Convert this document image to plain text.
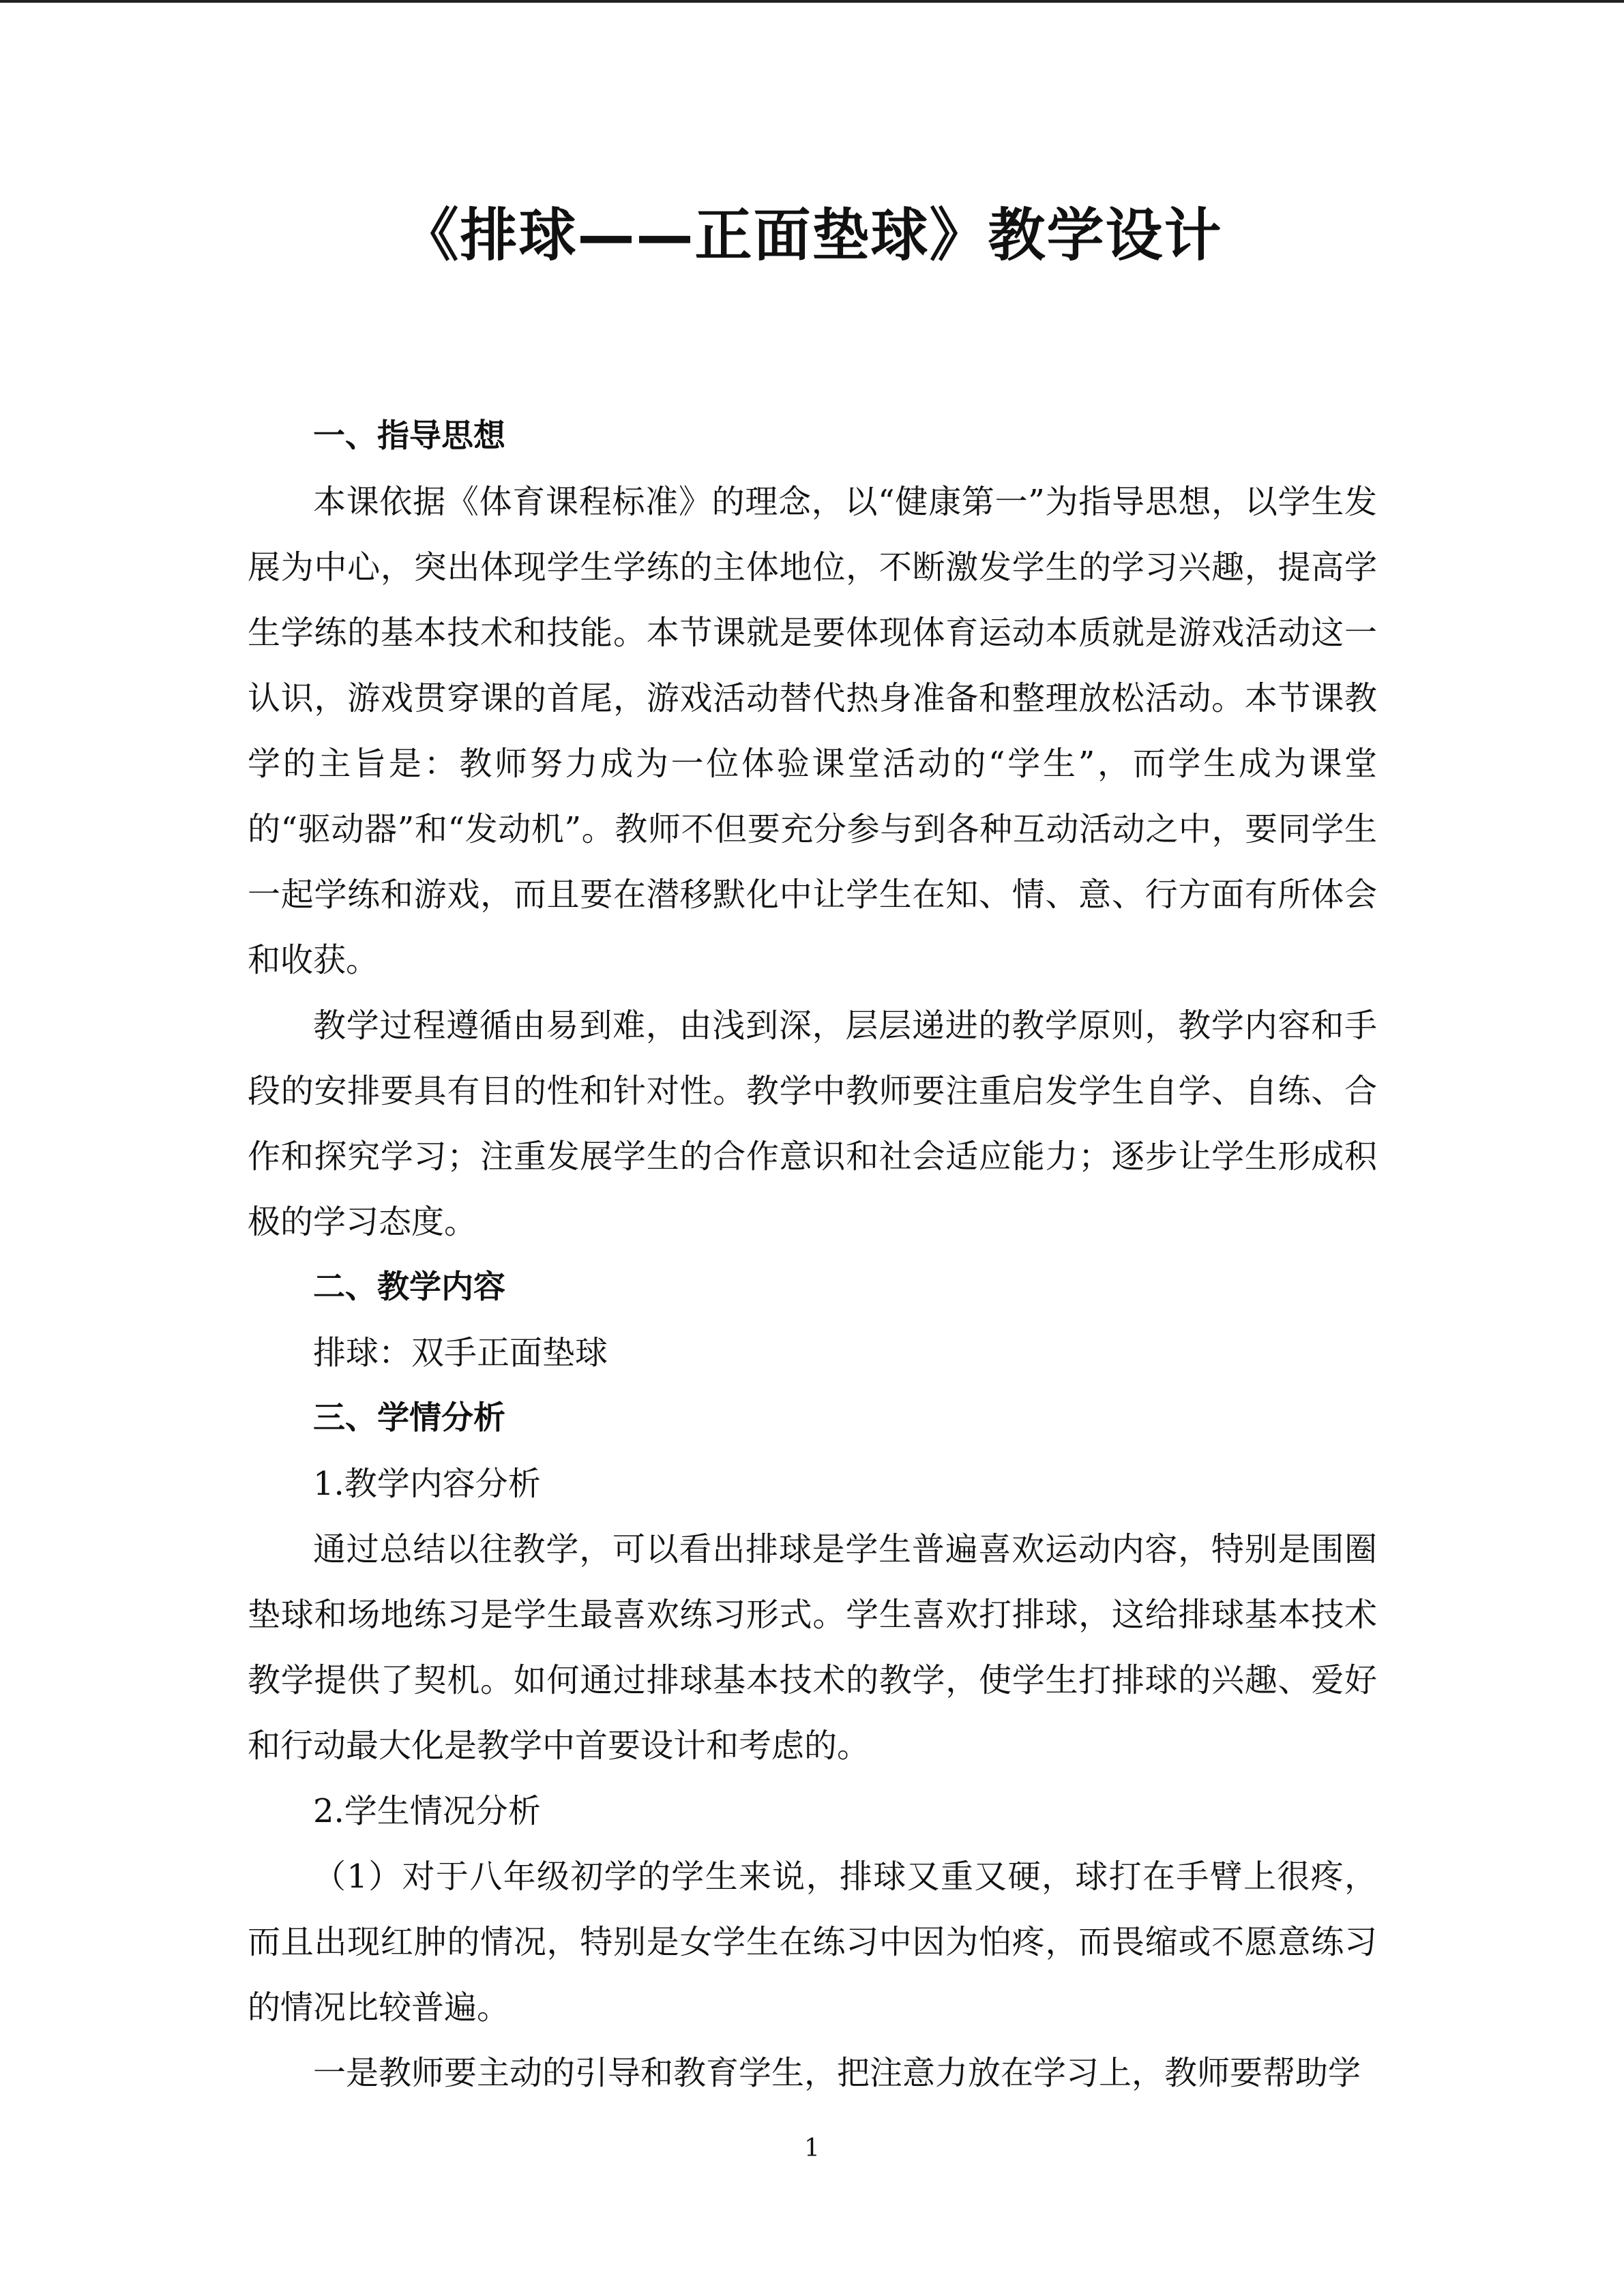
《排球——正面垫球》教学设计

一、指导思想

本课依据《体育课程标准》的理念，以“健康第一”为指导思想，以学生发展为中心，突出体现学生学练的主体地位，不断激发学生的学习兴趣，提高学生学练的基本技术和技能。本节课就是要体现体育运动本质就是游戏活动这一认识，游戏贯穿课的首尾，游戏活动替代热身准备和整理放松活动。本节课教学的主旨是：教师努力成为一位体验课堂活动的“学生”，而学生成为课堂的“驱动器”和“发动机”。教师不但要充分参与到各种互动活动之中，要同学生一起学练和游戏，而且要在潜移默化中让学生在知、情、意、行方面有所体会和收获。

教学过程遵循由易到难，由浅到深，层层递进的教学原则，教学内容和手段的安排要具有目的性和针对性。教学中教师要注重启发学生自学、自练、合作和探究学习；注重发展学生的合作意识和社会适应能力；逐步让学生形成积极的学习态度。

二、教学内容

排球：双手正面垫球

三、学情分析

1.教学内容分析

通过总结以往教学，可以看出排球是学生普遍喜欢运动内容，特别是围圈垫球和场地练习是学生最喜欢练习形式。学生喜欢打排球，这给排球基本技术教学提供了契机。如何通过排球基本技术的教学，使学生打排球的兴趣、爱好和行动最大化是教学中首要设计和考虑的。

2.学生情况分析

（1）对于八年级初学的学生来说，排球又重又硬，球打在手臂上很疼，而且出现红肿的情况，特别是女学生在练习中因为怕疼，而畏缩或不愿意练习的情况比较普遍。

一是教师要主动的引导和教育学生，把注意力放在学习上，教师要帮助学

1
